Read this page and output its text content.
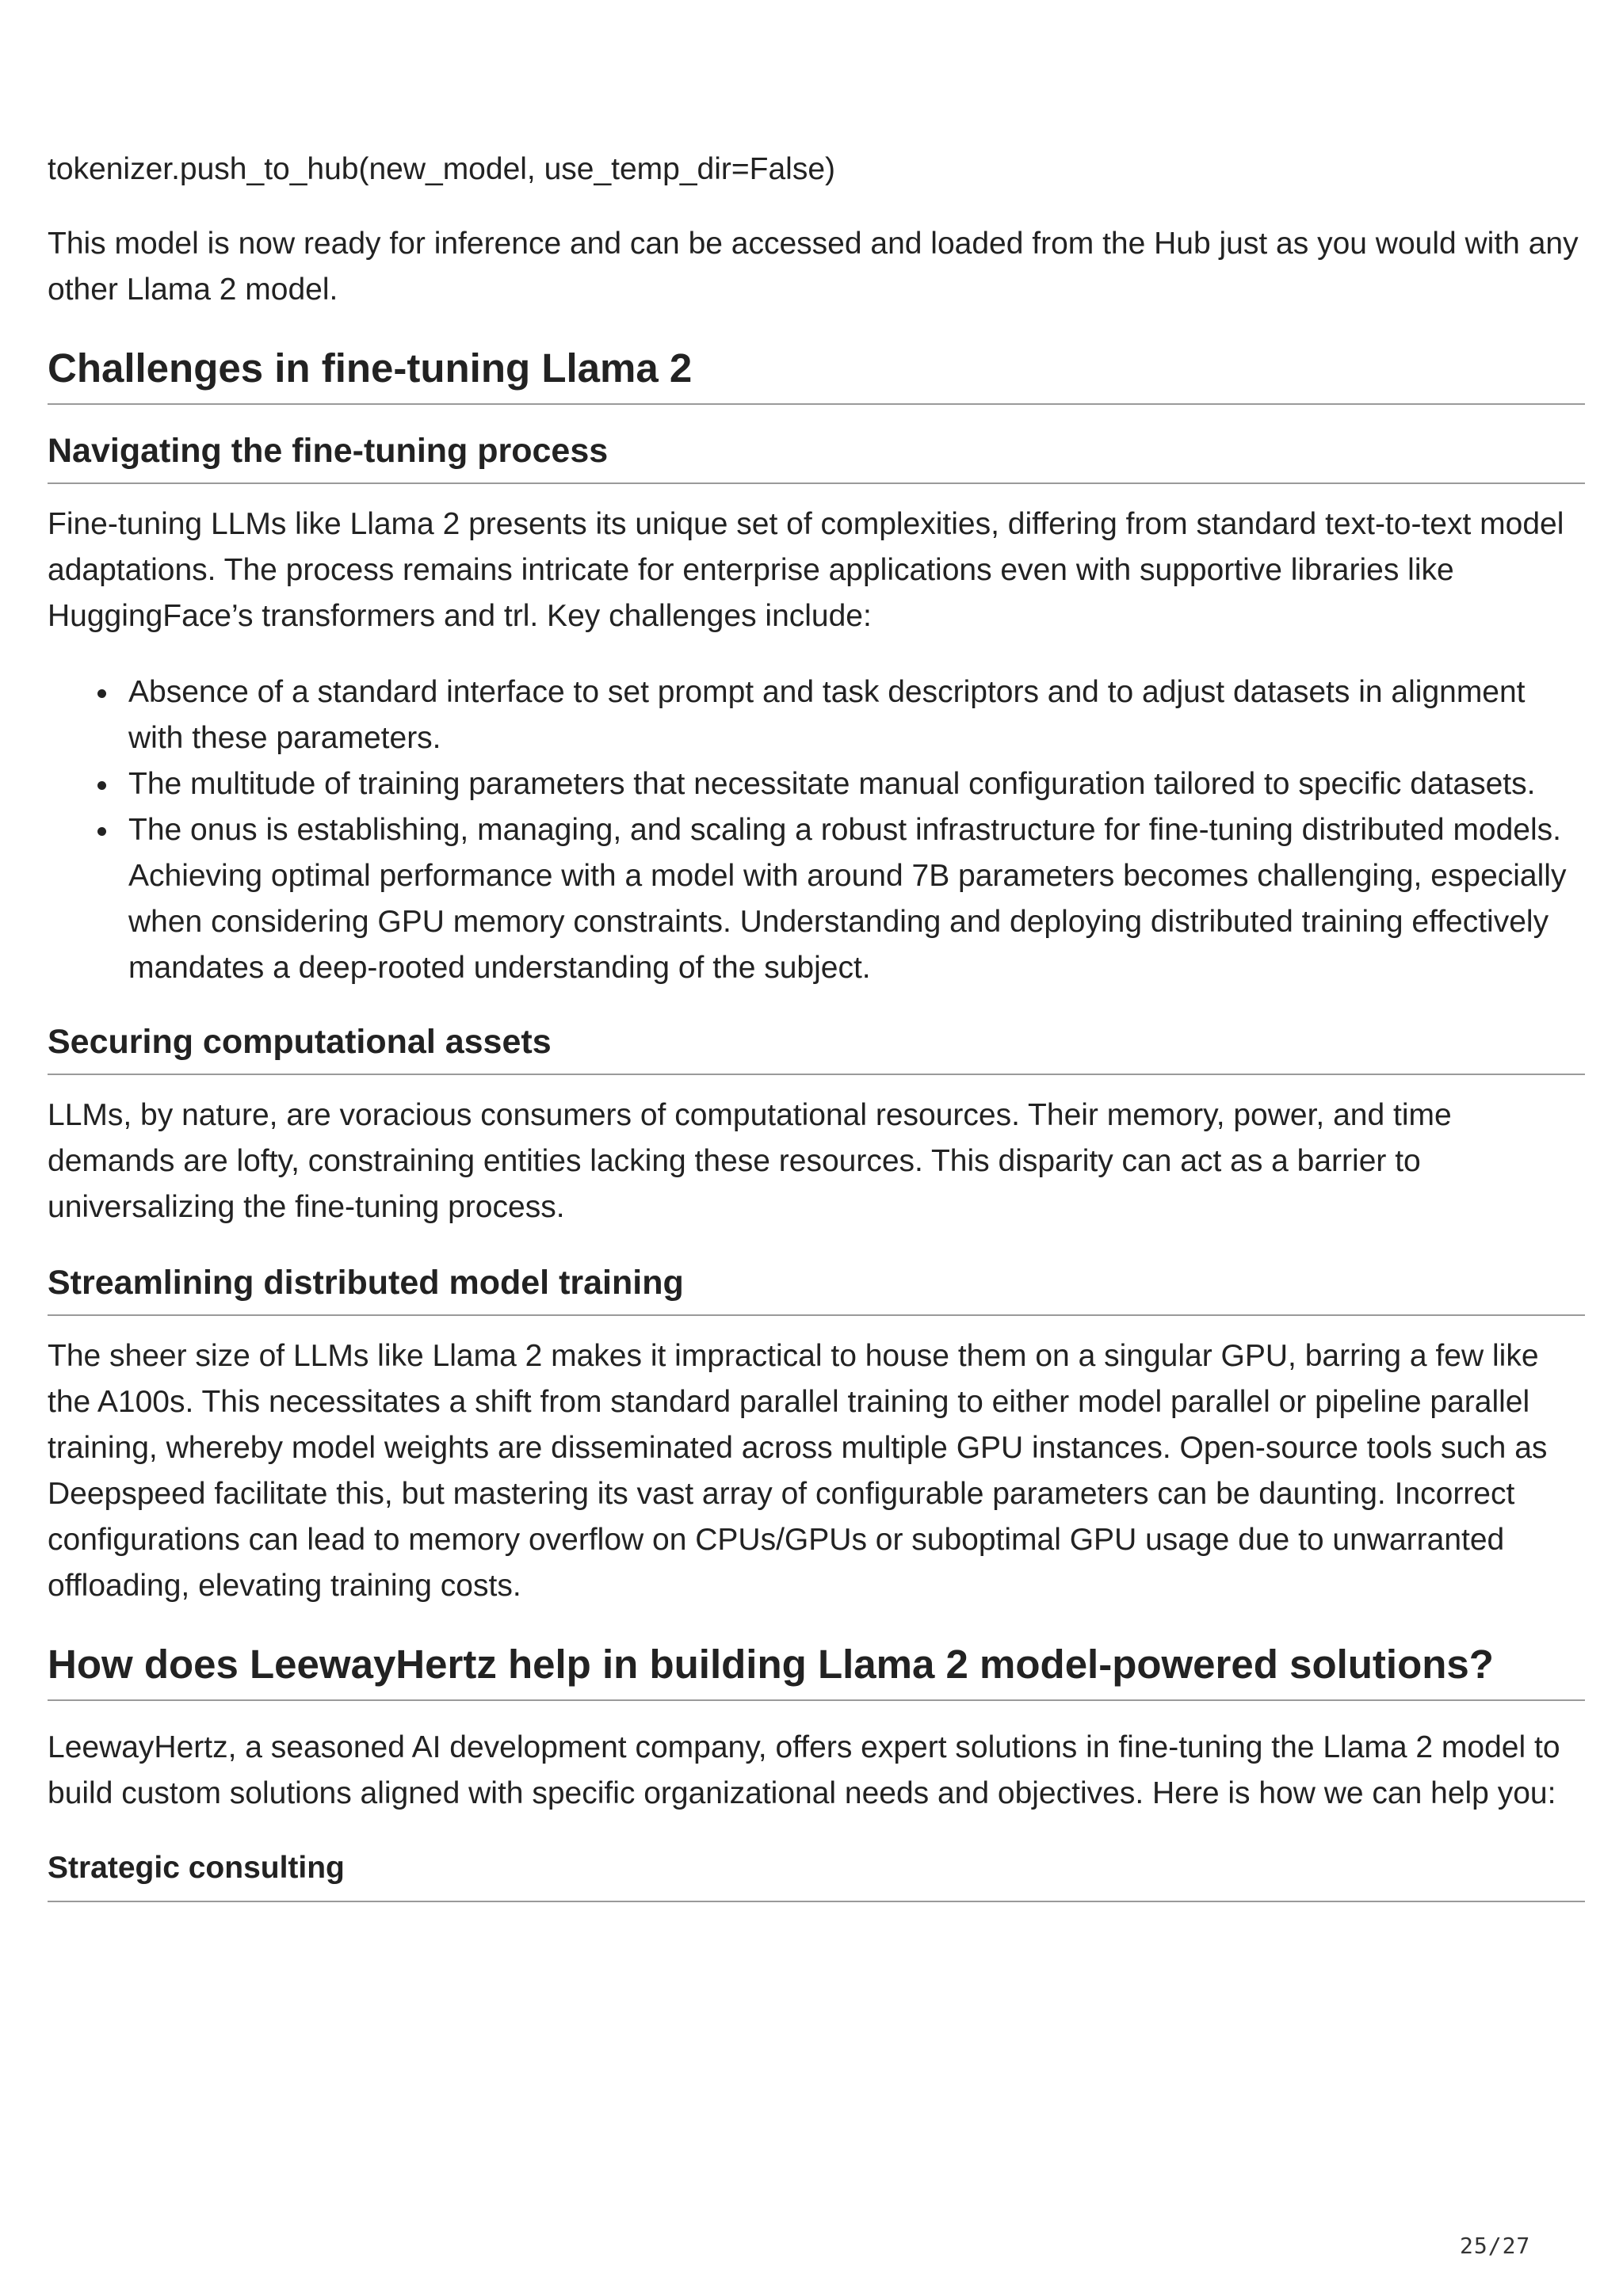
tokenizer.push_to_hub(new_model, use_temp_dir=False)

This model is now ready for inference and can be accessed and loaded from the Hub just as you would with any other Llama 2 model.

Challenges in fine-tuning Llama 2
Navigating the fine-tuning process

Fine-tuning LLMs like Llama 2 presents its unique set of complexities, differing from standard text-to-text model adaptations. The process remains intricate for enterprise applications even with supportive libraries like HuggingFace’s transformers and trl. Key challenges include:

Absence of a standard interface to set prompt and task descriptors and to adjust datasets in alignment with these parameters.
The multitude of training parameters that necessitate manual configuration tailored to specific datasets.
The onus is establishing, managing, and scaling a robust infrastructure for fine-tuning distributed models. Achieving optimal performance with a model with around 7B parameters becomes challenging, especially when considering GPU memory constraints. Understanding and deploying distributed training effectively mandates a deep-rooted understanding of the subject.
Securing computational assets

LLMs, by nature, are voracious consumers of computational resources. Their memory, power, and time demands are lofty, constraining entities lacking these resources. This disparity can act as a barrier to universalizing the fine-tuning process.

Streamlining distributed model training

The sheer size of LLMs like Llama 2 makes it impractical to house them on a singular GPU, barring a few like the A100s. This necessitates a shift from standard parallel training to either model parallel or pipeline parallel training, whereby model weights are disseminated across multiple GPU instances. Open-source tools such as Deepspeed facilitate this, but mastering its vast array of configurable parameters can be daunting. Incorrect configurations can lead to memory overflow on CPUs/GPUs or suboptimal GPU usage due to unwarranted offloading, elevating training costs.

How does LeewayHertz help in building Llama 2 model-powered solutions?

LeewayHertz, a seasoned AI development company, offers expert solutions in fine-tuning the Llama 2 model to build custom solutions aligned with specific organizational needs and objectives. Here is how we can help you:

Strategic consulting
25/27
